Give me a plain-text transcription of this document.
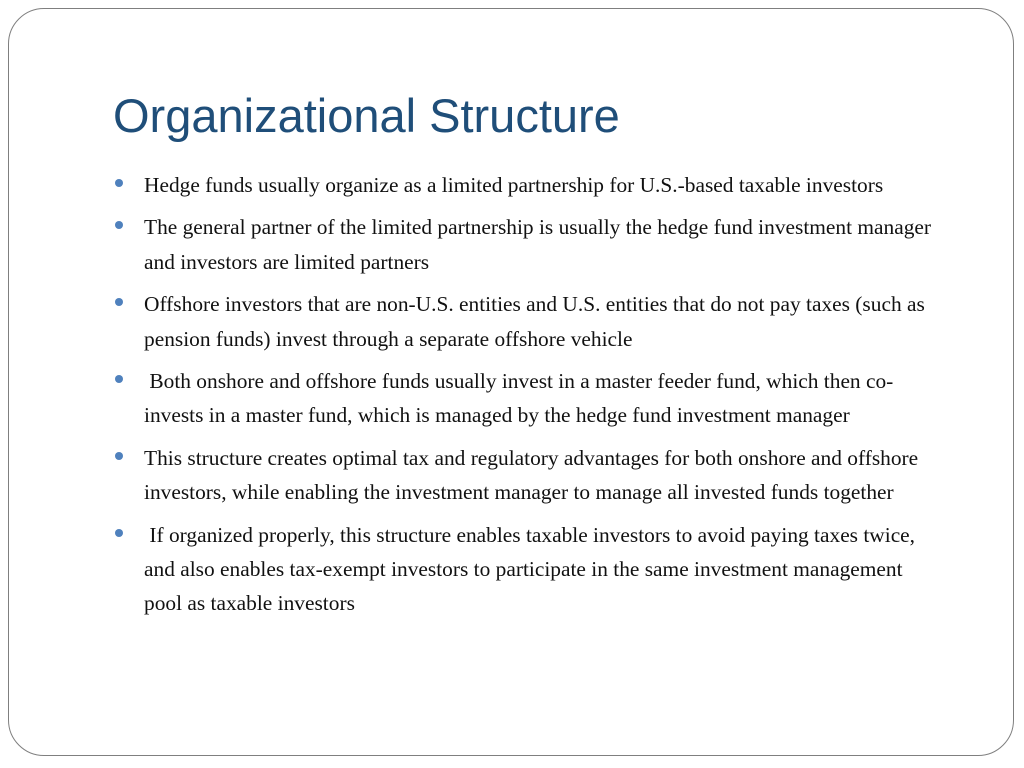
Organizational Structure
Hedge funds usually organize as a limited partnership for U.S.-based taxable investors
The general partner of the limited partnership is usually the hedge fund investment manager and investors are limited partners
Offshore investors that are non-U.S. entities and U.S. entities that do not pay taxes (such as pension funds) invest through a separate offshore vehicle
Both onshore and offshore funds usually invest in a master feeder fund, which then co-invests in a master fund, which is managed by the hedge fund investment manager
This structure creates optimal tax and regulatory advantages for both onshore and offshore investors, while enabling the investment manager to manage all invested funds together
If organized properly, this structure enables taxable investors to avoid paying taxes twice, and also enables tax-exempt investors to participate in the same investment management pool as taxable investors
